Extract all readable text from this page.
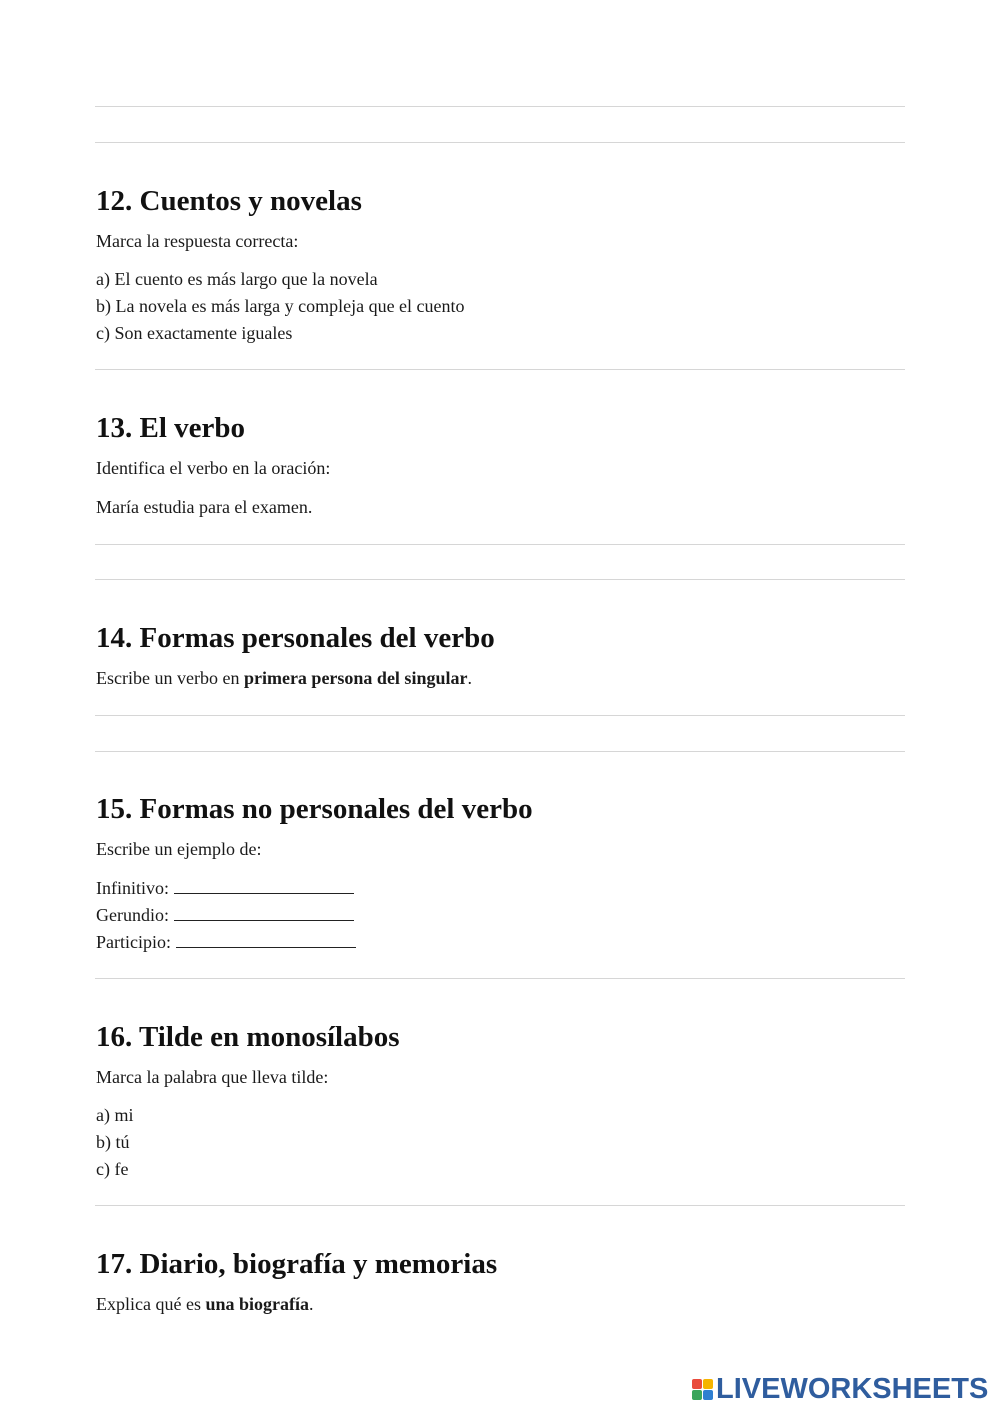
12. Cuentos y novelas

Marca la respuesta correcta:

a) El cuento es más largo que la novela
b) La novela es más larga y compleja que el cuento
c) Son exactamente iguales
13. El verbo

Identifica el verbo en la oración:

María estudia para el examen.

14. Formas personales del verbo

Escribe un verbo en primera persona del singular.

15. Formas no personales del verbo

Escribe un ejemplo de:

Infinitivo:
Gerundio:
Participio:
16. Tilde en monosílabos

Marca la palabra que lleva tilde:

a) mi
b) tú
c) fe
17. Diario, biografía y memorias

Explica qué es una biografía.

LIVEWORKSHEETS
